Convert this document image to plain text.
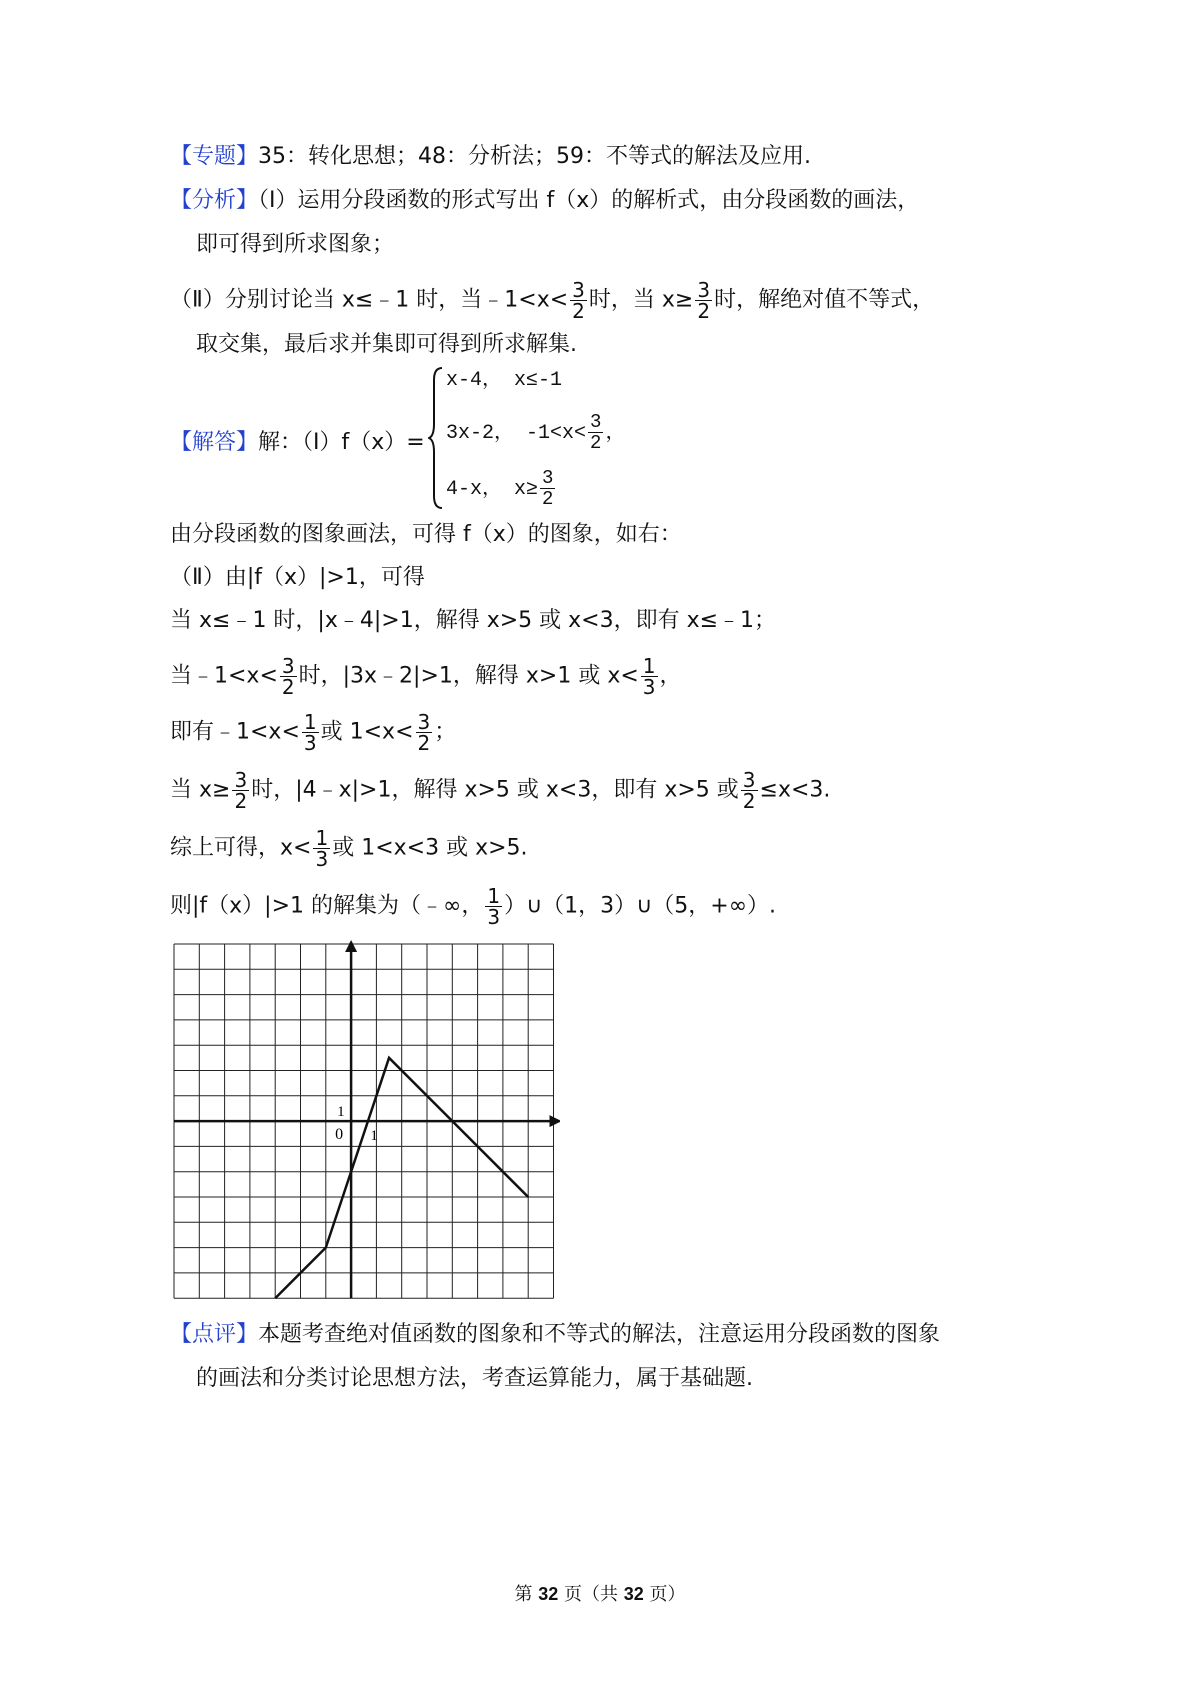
【专题】35：转化思想；48：分析法；59：不等式的解法及应用.
【分析】（Ⅰ）运用分段函数的形式写出 f（x）的解析式，由分段函数的画法，
即可得到所求图象；
（Ⅱ）分别讨论当 x≤﹣1 时，当﹣1<x< $\frac{3}{2}$ 时，当 $x\ge \frac{3}{2}$ 时，解绝对值不等式，
取交集，最后求并集即可得到所求解集.
【解答】解：（Ⅰ）f（x）=
x-4， x≤-1
3x-2， $-1<x< \frac{3}{2}$ ，
4-x， $x\ge \frac{3}{2}$
由分段函数的图象画法，可得 f（x）的图象，如右：
（Ⅱ）由|f（x）|>1，可得
当 x≤﹣1 时，|x﹣4|>1，解得 x>5 或 x<3，即有 x≤﹣1；
当﹣1<x< $\frac{3}{2}$ 时，|3x﹣2|>1，解得 x>1 或 $x< \frac{1}{3}$ ，
即有﹣1<x< $\frac{1}{3}$ 或 $1<x< \frac{3}{2}$ ；
当 $x\ge \frac{3}{2}$ 时，|4﹣x|>1，解得 x>5 或 x<3，即有 x>5 或 $\frac{3}{2} \le x<3$.
综上可得，$x< \frac{1}{3}$ 或 1<x<3 或 x>5.
则|f（x）|>1 的解集为（﹣∞， $\frac{1}{3}$ ）∪（1，3）∪（5，+∞）.
1
0 1
【点评】本题考查绝对值函数的图象和不等式的解法，注意运用分段函数的图象
的画法和分类讨论思想方法，考查运算能力，属于基础题.
第 32 页（共 32 页）
